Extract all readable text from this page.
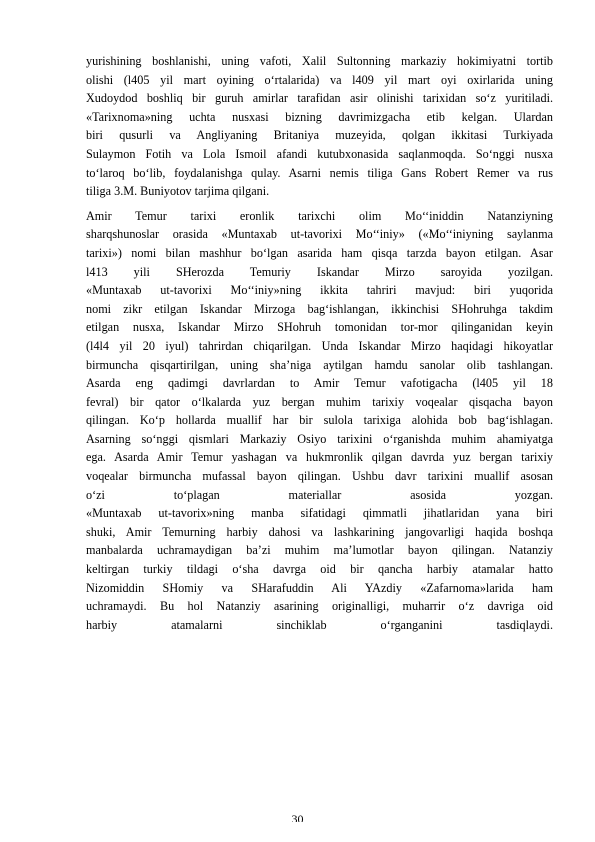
yurishining boshlanishi, uning vafoti, Xalil Sultonning markaziy hokimiyatni tortib
olishi (l405 yil mart oyining o‘rtalarida) va l409 yil mart oyi oxirlarida uning
Xudoydod boshliq bir guruh amirlar tarafidan asir olinishi tarixidan so‘z yuritiladi.
«Tarixnoma»ning uchta nusxasi bizning davrimizgacha etib kelgan. Ulardan
biri qusurli va Angliyaning Britaniya muzeyida, qolgan ikkitasi Turkiyada
Sulaymon Fotih va Lola Ismoil afandi kutubxonasida saqlanmoqda. So‘nggi nusxa
to‘laroq bo‘lib, foydalanishga qulay. Asarni nemis tiliga Gans Robert Remer va rus
tiliga 3.M. Buniyotov tarjima qilgani.
Amir Temur tarixi eronlik tarixchi olim Mo‘‘iniddin Natanziyning
sharqshunoslar orasida «Muntaxab ut-tavorixi Mo‘‘iniy» («Mo‘‘iniyning saylanma
tarixi») nomi bilan mashhur bo‘lgan asarida ham qisqa tarzda bayon etilgan. Asar
l413 yili SHerozda Temuriy Iskandar Mirzo saroyida yozilgan.
«Muntaxab ut-tavorixi Mo‘‘iniy»ning ikkita tahriri mavjud: biri yuqorida
nomi zikr etilgan Iskandar Mirzoga bag‘ishlangan, ikkinchisi SHohruhga takdim
etilgan nusxa, Iskandar Mirzo SHohruh tomonidan tor-mor qilinganidan keyin
(l4l4 yil 20 iyul) tahrirdan chiqarilgan. Unda Iskandar Mirzo haqidagi hikoyatlar
birmuncha qisqartirilgan, uning sha’niga aytilgan hamdu sanolar olib tashlangan.
Asarda eng qadimgi davrlardan to Amir Temur vafotigacha (l405 yil 18
fevral) bir qator o‘lkalarda yuz bergan muhim tarixiy voqealar qisqacha bayon
qilingan. Ko‘p hollarda muallif har bir sulola tarixiga alohida bob bag‘ishlagan.
Asarning so‘nggi qismlari Markaziy Osiyo tarixini o‘rganishda muhim ahamiyatga
ega. Asarda Amir Temur yashagan va hukmronlik qilgan davrda yuz bergan tarixiy
voqealar birmuncha mufassal bayon qilingan. Ushbu davr tarixini muallif asosan
o‘zi to‘plagan materiallar asosida yozgan.
«Muntaxab ut-tavorix»ning manba sifatidagi qimmatli jihatlaridan yana biri
shuki, Amir Temurning harbiy dahosi va lashkarining jangovarligi haqida boshqa
manbalarda uchramaydigan ba’zi muhim ma’lumotlar bayon qilingan. Natanziy
keltirgan turkiy tildagi o‘sha davrga oid bir qancha harbiy atamalar hatto
Nizomiddin SHomiy va SHarafuddin Ali YAzdiy «Zafarnoma»larida ham
uchramaydi. Bu hol Natanziy asarining originalligi, muharrir o‘z davriga oid
harbiy atamalarni sinchiklab o‘rganganini tasdiqlaydi.
30
